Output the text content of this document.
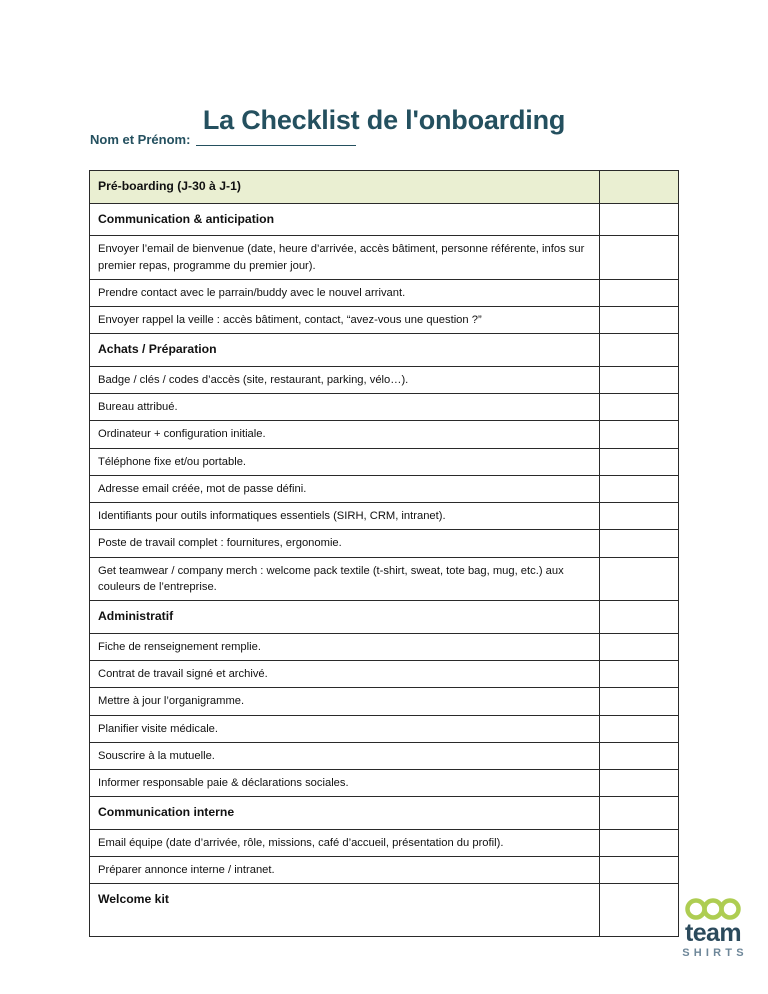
La Checklist de l'onboarding
Nom et Prénom:
Pré-boarding (J-30 à J-1)	
Communication & anticipation	
Envoyer l’email de bienvenue (date, heure d’arrivée, accès bâtiment, personne référente, infos sur premier repas, programme du premier jour).	
Prendre contact avec le parrain/buddy avec le nouvel arrivant.	
Envoyer rappel la veille : accès bâtiment, contact, “avez-vous une question ?”	
Achats / Préparation	
Badge / clés / codes d’accès (site, restaurant, parking, vélo…).	
Bureau attribué.	
Ordinateur + configuration initiale.	
Téléphone fixe et/ou portable.	
Adresse email créée, mot de passe défini.	
Identifiants pour outils informatiques essentiels (SIRH, CRM, intranet).	
Poste de travail complet : fournitures, ergonomie.	
Get teamwear / company merch : welcome pack textile (t-shirt, sweat, tote bag, mug, etc.) aux couleurs de l’entreprise.	
Administratif	
Fiche de renseignement remplie.	
Contrat de travail signé et archivé.	
Mettre à jour l’organigramme.	
Planifier visite médicale.	
Souscrire à la mutuelle.	
Informer responsable paie & déclarations sociales.	
Communication interne	
Email équipe (date d’arrivée, rôle, missions, café d’accueil, présentation du profil).	
Préparer annonce interne / intranet.	
Welcome kit	
team
SHIRTS
